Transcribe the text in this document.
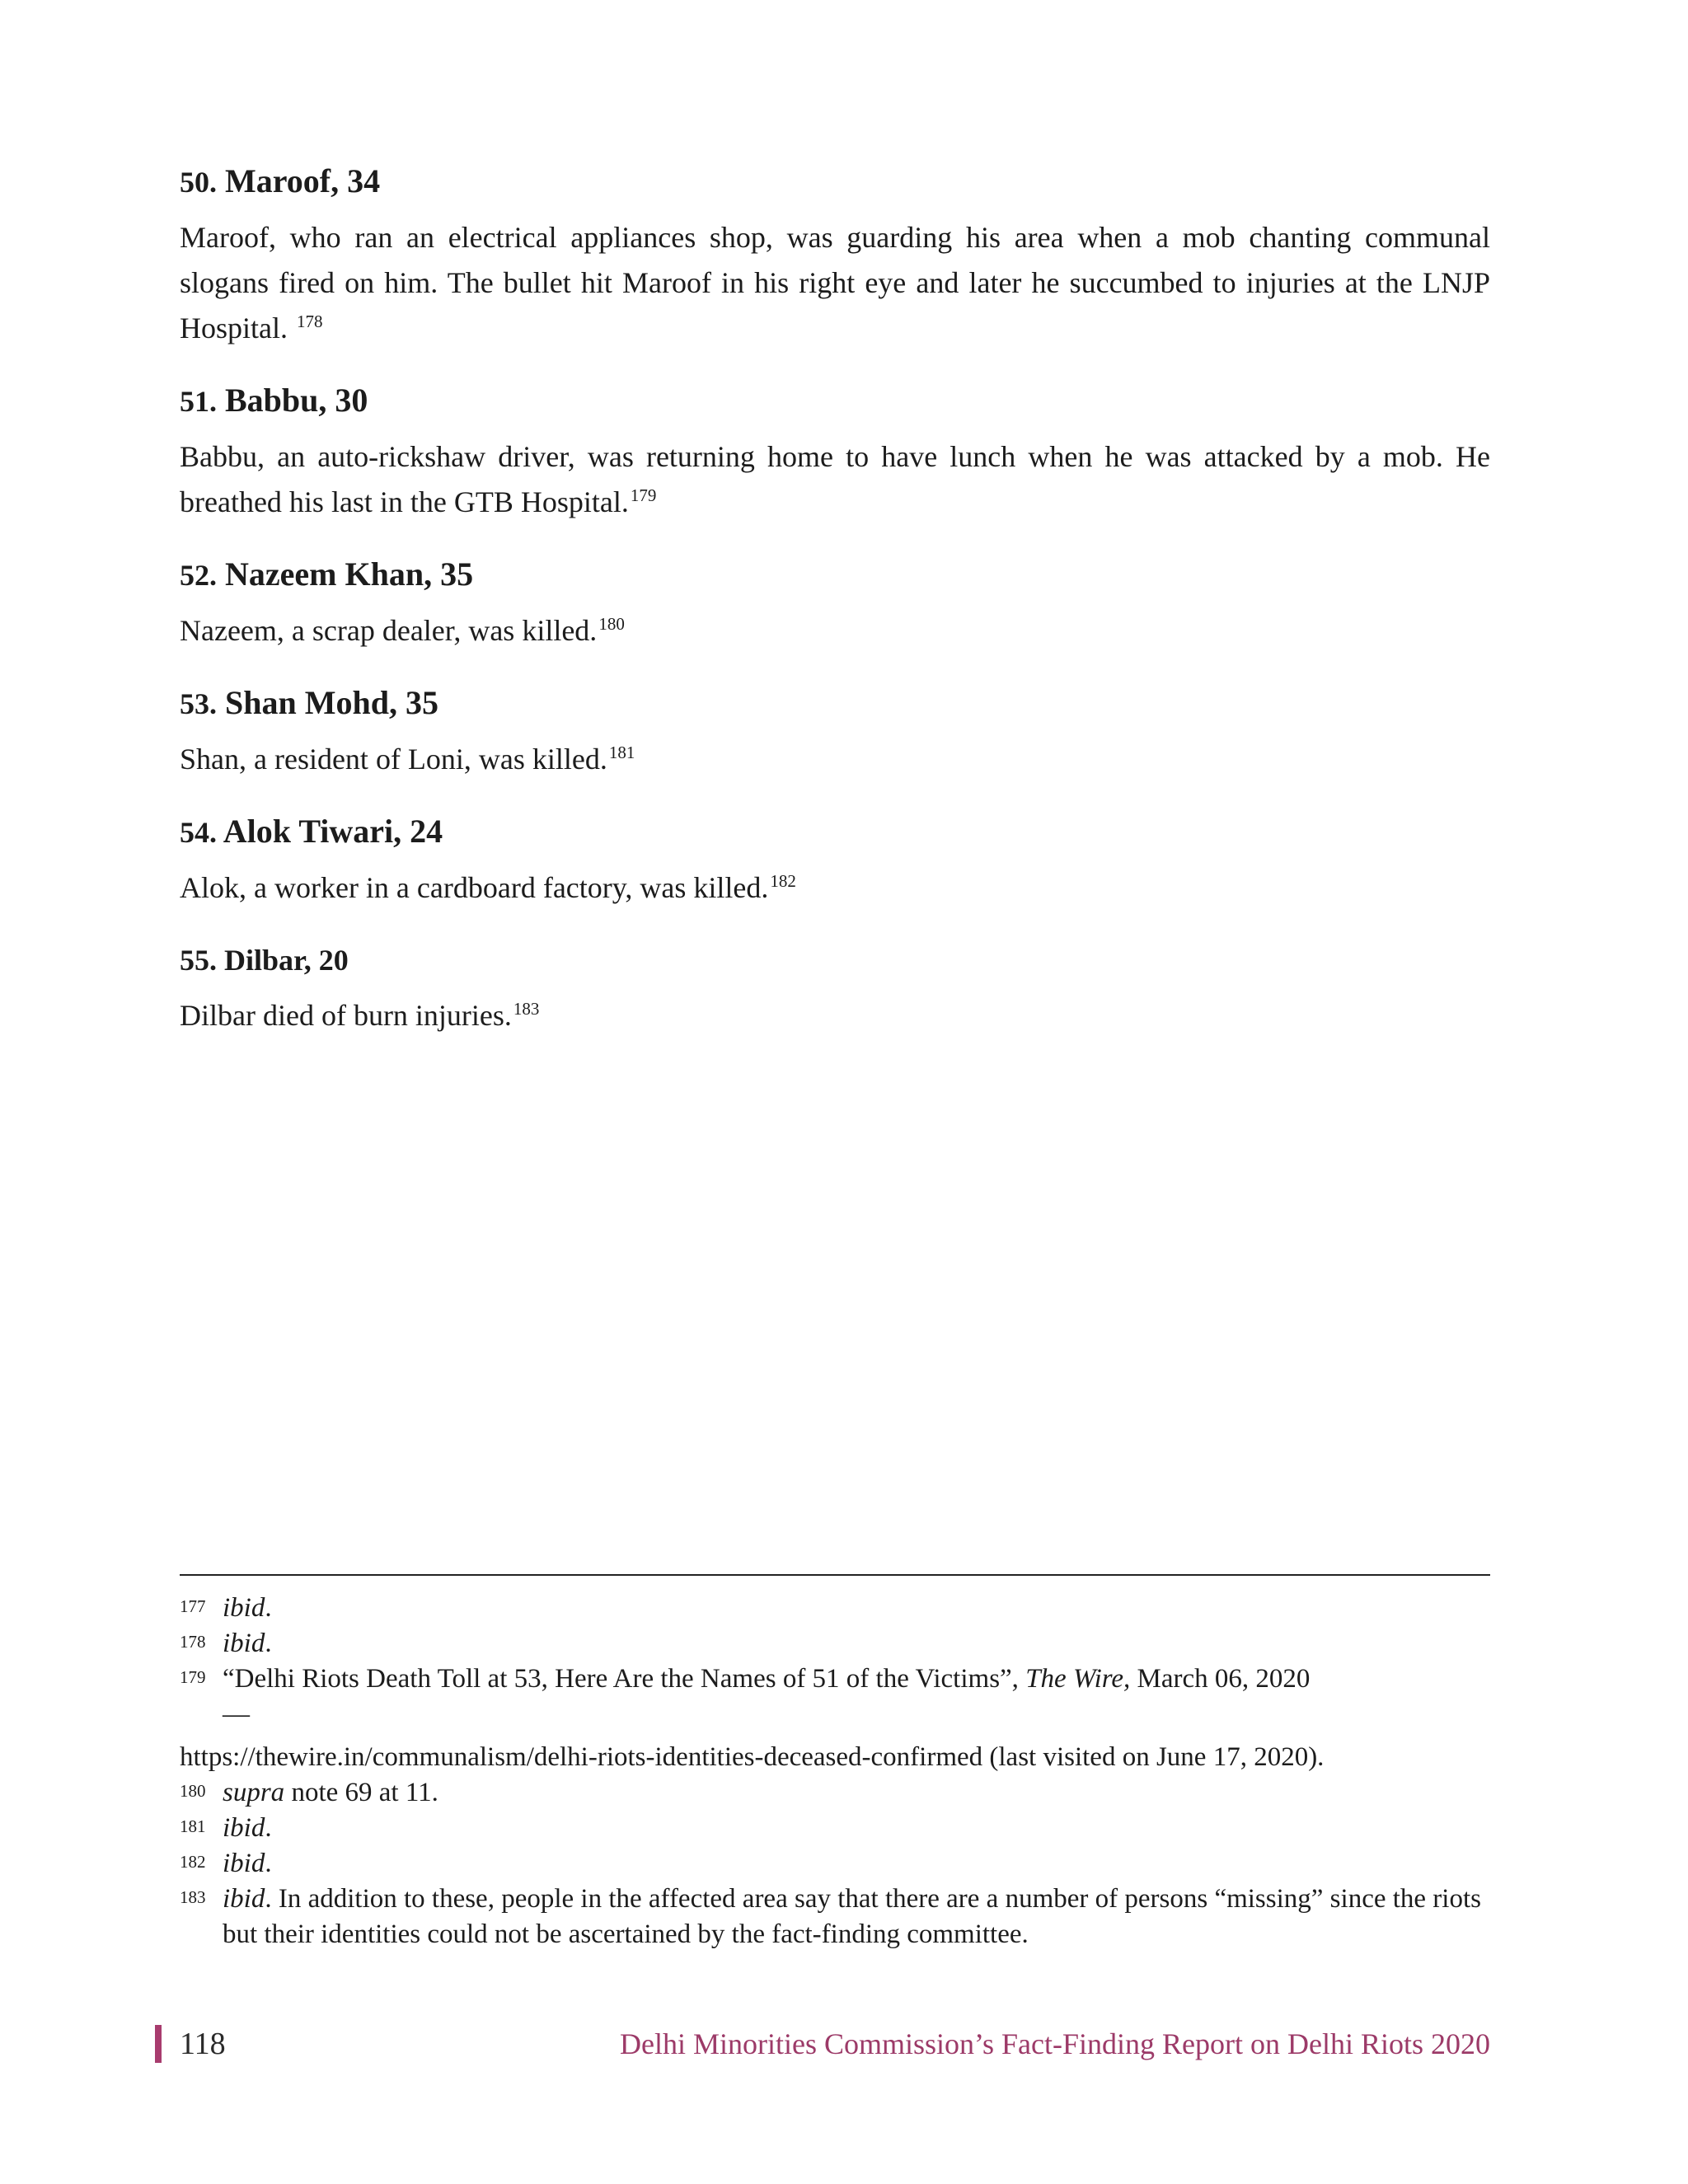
50. Maroof, 34

Maroof, who ran an electrical appliances shop, was guarding his area when a mob chanting communal slogans fired on him. The bullet hit Maroof in his right eye and later he succumbed to injuries at the LNJP Hospital. $^{178}$

51. Babbu, 30

Babbu, an auto-rickshaw driver, was returning home to have lunch when he was attacked by a mob. He breathed his last in the GTB Hospital.$^{179}$

52. Nazeem Khan, 35

Nazeem, a scrap dealer, was killed.$^{180}$

53. Shan Mohd, 35

Shan, a resident of Loni, was killed.$^{181}$

54. Alok Tiwari, 24

Alok, a worker in a cardboard factory, was killed.$^{182}$

55. Dilbar, 20

Dilbar died of burn injuries.$^{183}$

177 ibid.
178 ibid.
179 “Delhi Riots Death Toll at 53, Here Are the Names of 51 of the Victims”, The Wire, March 06, 2020
—
https://thewire.in/communalism/delhi-riots-identities-deceased-confirmed (last visited on June 17, 2020).
180 supra note 69 at 11.
181 ibid.
182 ibid.
183 ibid. In addition to these, people in the affected area say that there are a number of persons “missing” since the riots but their identities could not be ascertained by the fact-finding committee.
118	Delhi Minorities Commission’s Fact-Finding Report on Delhi Riots 2020
